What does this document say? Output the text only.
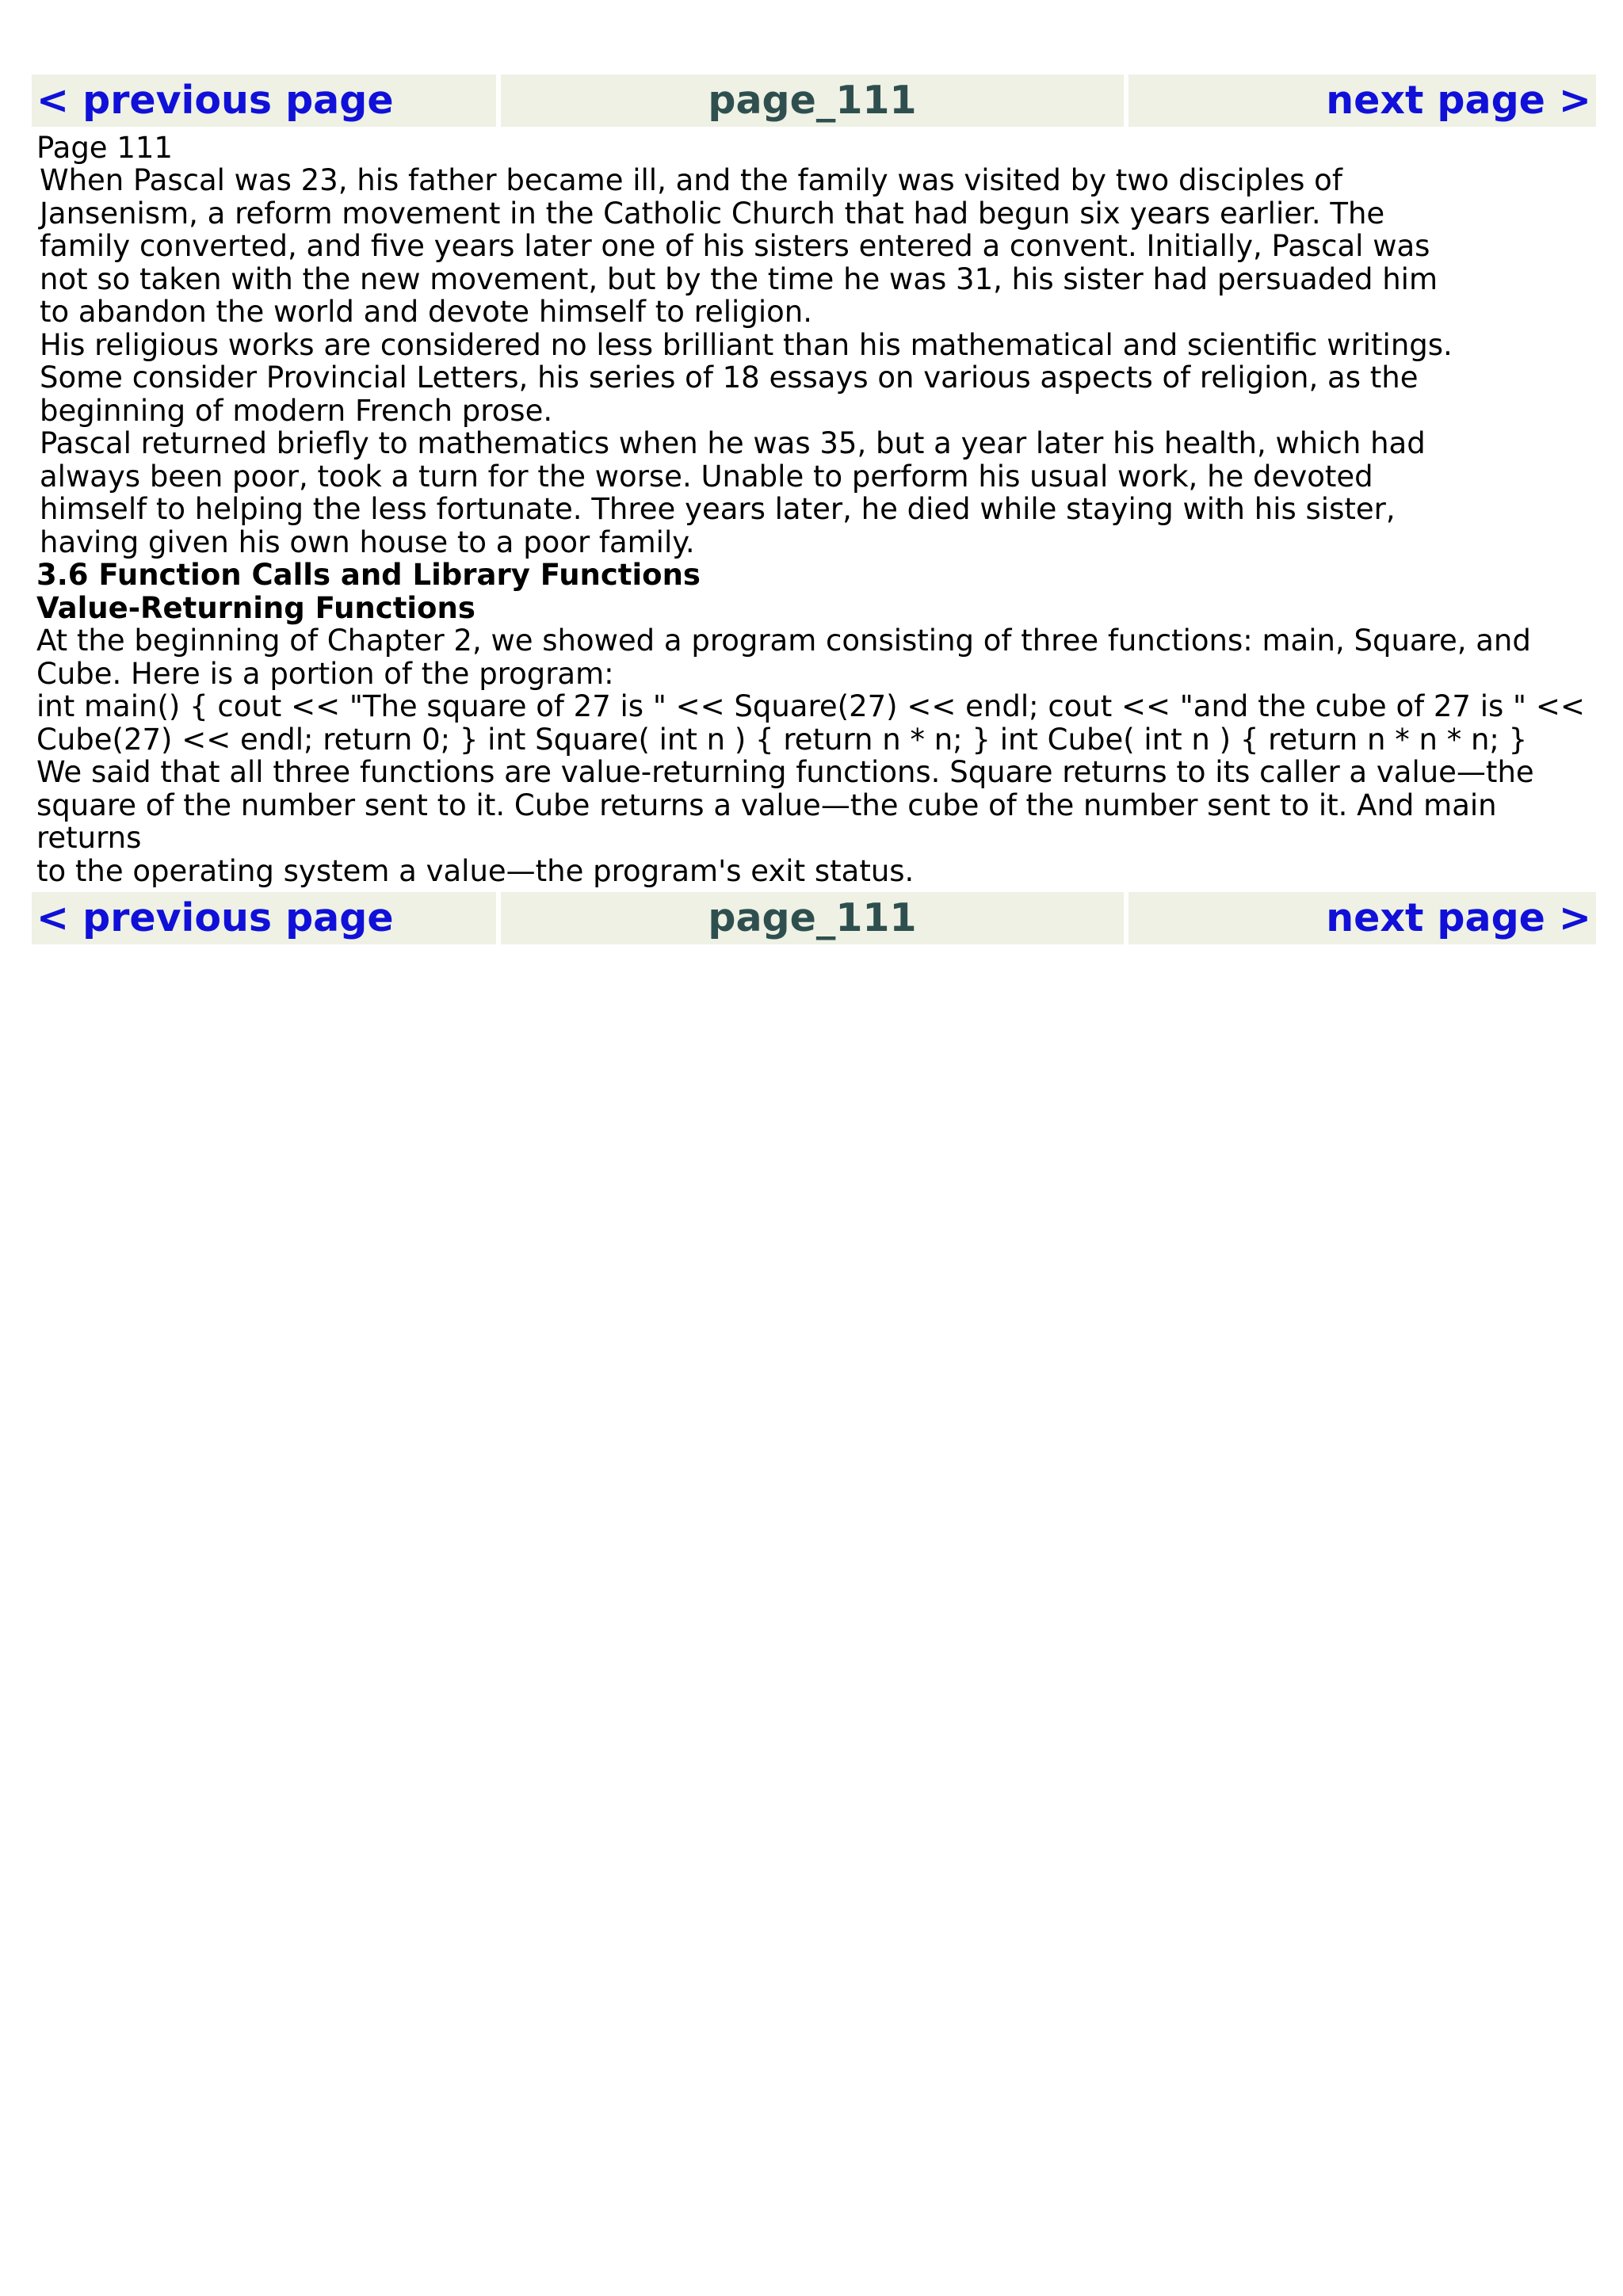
< previous page	page_111	next page >

Page 111

When Pascal was 23, his father became ill, and the family was visited by two disciples of
Jansenism, a reform movement in the Catholic Church that had begun six years earlier. The
family converted, and five years later one of his sisters entered a convent. Initially, Pascal was
not so taken with the new movement, but by the time he was 31, his sister had persuaded him
to abandon the world and devote himself to religion.

His religious works are considered no less brilliant than his mathematical and scientific writings.
Some consider Provincial Letters, his series of 18 essays on various aspects of religion, as the
beginning of modern French prose.

Pascal returned briefly to mathematics when he was 35, but a year later his health, which had
always been poor, took a turn for the worse. Unable to perform his usual work, he devoted
himself to helping the less fortunate. Three years later, he died while staying with his sister,
having given his own house to a poor family.

3.6 Function Calls and Library Functions

Value-Returning Functions

At the beginning of Chapter 2, we showed a program consisting of three functions: main, Square, and
Cube. Here is a portion of the program:

int main() { cout << "The square of 27 is " << Square(27) << endl; cout << "and the cube of 27 is " <<
Cube(27) << endl; return 0; } int Square( int n ) { return n * n; } int Cube( int n ) { return n * n * n; }

We said that all three functions are value-returning functions. Square returns to its caller a value—the
square of the number sent to it. Cube returns a value—the cube of the number sent to it. And main returns
to the operating system a value—the program's exit status.

< previous page	page_111	next page >
